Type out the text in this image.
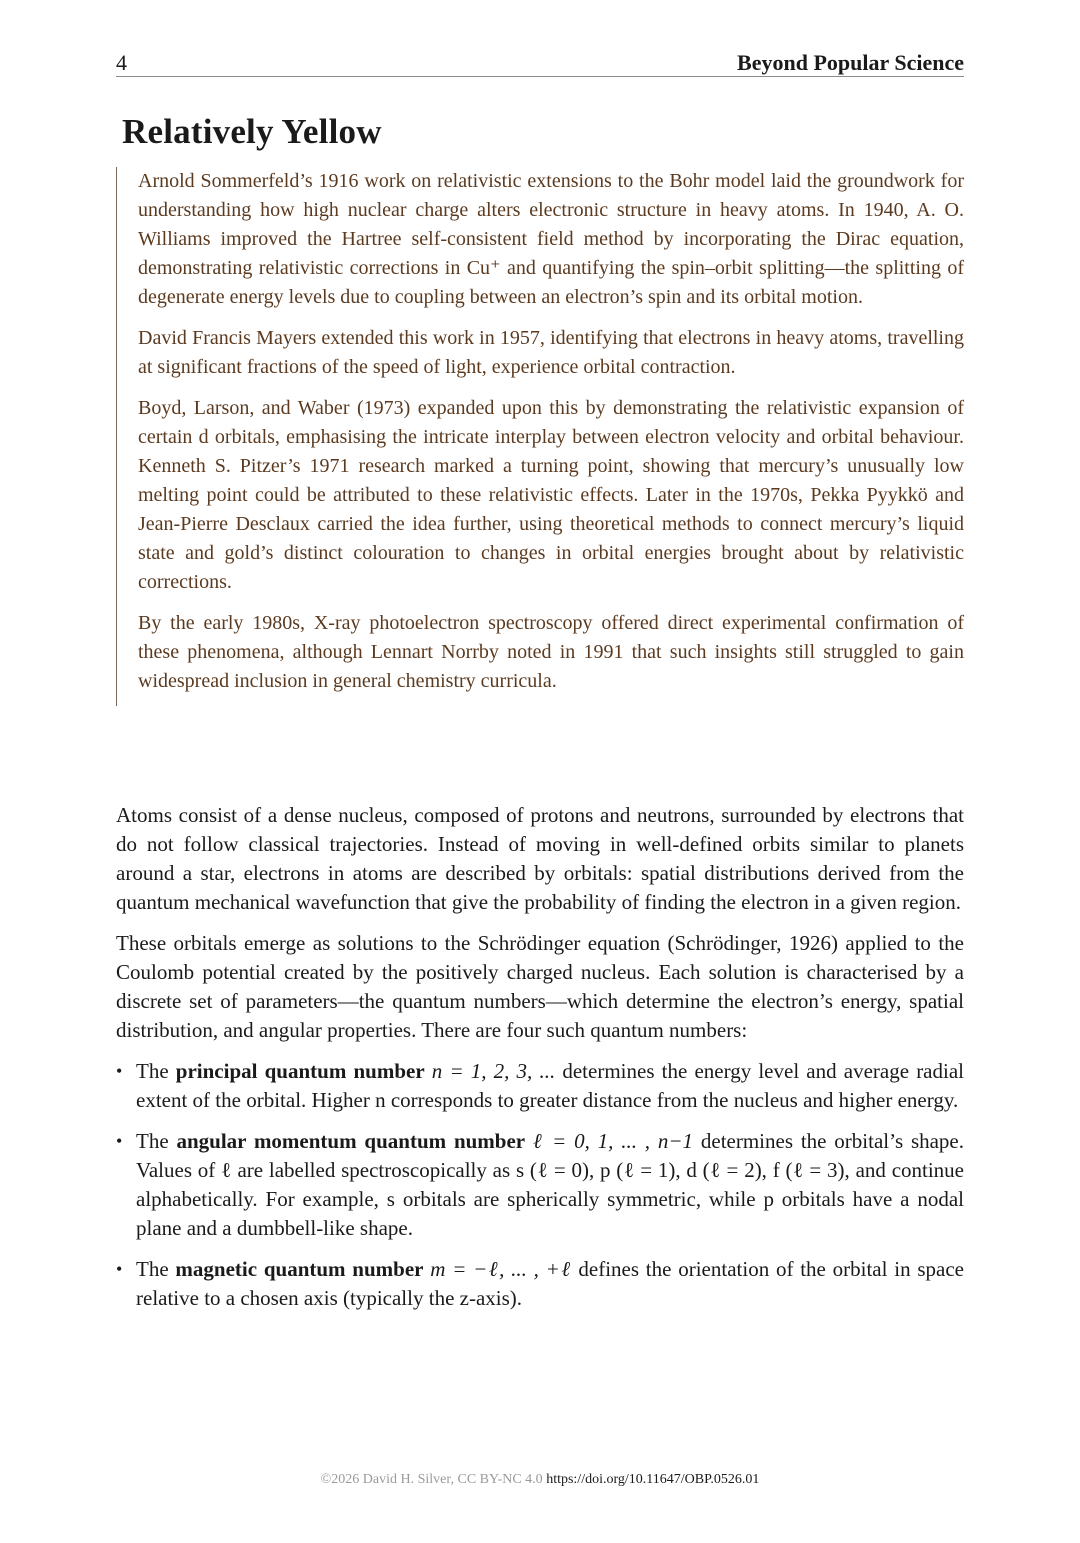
4	Beyond Popular Science
Relatively Yellow

Arnold Sommerfeld’s 1916 work on relativistic extensions to the Bohr model laid the groundwork for understanding how high nuclear charge alters electronic structure in heavy atoms. In 1940, A. O. Williams improved the Hartree self-consistent field method by incorporating the Dirac equation, demonstrating relativistic corrections in Cu⁺ and quantifying the spin–orbit splitting—the splitting of degenerate energy levels due to coupling between an electron’s spin and its orbital motion.

David Francis Mayers extended this work in 1957, identifying that electrons in heavy atoms, travelling at significant fractions of the speed of light, experience orbital contraction.

Boyd, Larson, and Waber (1973) expanded upon this by demonstrating the relativistic expansion of certain d orbitals, emphasising the intricate interplay between electron velocity and orbital behaviour. Kenneth S. Pitzer’s 1971 research marked a turning point, showing that mercury’s unusually low melting point could be attributed to these relativistic effects. Later in the 1970s, Pekka Pyykkö and Jean-Pierre Desclaux carried the idea further, using theoretical methods to connect mercury’s liquid state and gold’s distinct colouration to changes in orbital energies brought about by relativistic corrections.

By the early 1980s, X-ray photoelectron spectroscopy offered direct experimental confirmation of these phenomena, although Lennart Norrby noted in 1991 that such insights still struggled to gain widespread inclusion in general chemistry curricula.

Atoms consist of a dense nucleus, composed of protons and neutrons, surrounded by electrons that do not follow classical trajectories. Instead of moving in well-defined orbits similar to planets around a star, electrons in atoms are described by orbitals: spatial distributions derived from the quantum mechanical wavefunction that give the probability of finding the electron in a given region.

These orbitals emerge as solutions to the Schrödinger equation (Schrödinger, 1926) applied to the Coulomb potential created by the positively charged nucleus. Each solution is characterised by a discrete set of parameters—the quantum numbers—which determine the electron’s energy, spatial distribution, and angular properties. There are four such quantum numbers:

• The principal quantum number n = 1, 2, 3, ... determines the energy level and average radial extent of the orbital. Higher n corresponds to greater distance from the nucleus and higher energy.
• The angular momentum quantum number ℓ = 0, 1, ... , n−1 determines the orbital’s shape. Values of ℓ are labelled spectroscopically as s (ℓ = 0), p (ℓ = 1), d (ℓ = 2), f (ℓ = 3), and continue alphabetically. For example, s orbitals are spherically symmetric, while p orbitals have a nodal plane and a dumbbell-like shape.
• The magnetic quantum number m = −ℓ, ... , +ℓ defines the orientation of the orbital in space relative to a chosen axis (typically the z-axis).
©2026 David H. Silver, CC BY-NC 4.0 https://doi.org/10.11647/OBP.0526.01
